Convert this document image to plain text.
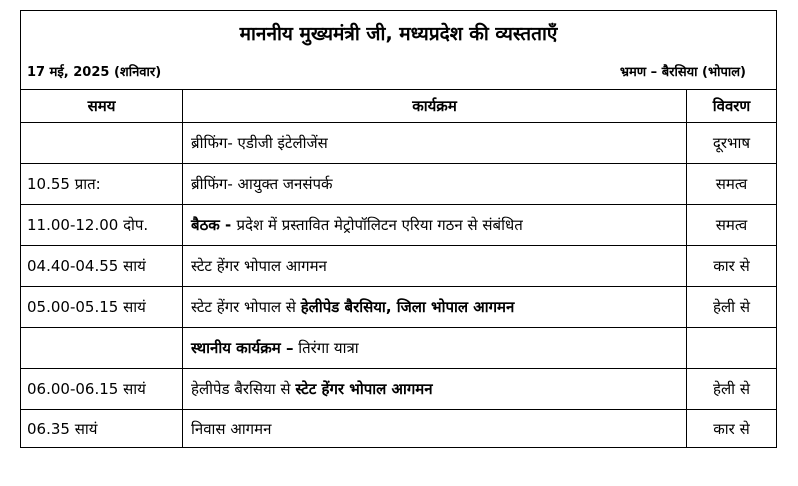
माननीय मुख्यमंत्री जी, मध्यप्रदेश की व्यस्तताएँ		

17 मई, 2025 (शनिवार) भ्रमण – बैरसिया (भोपाल)		

समय	कार्यक्रम	विवरण
	ब्रीफिंग- एडीजी इंटेलीजेंस	दूरभाष
10.55 प्रात:	ब्रीफिंग- आयुक्त जनसंपर्क	समत्व
11.00-12.00 दोप.	बैठक - प्रदेश में प्रस्तावित मेट्रोपॉलिटन एरिया गठन से संबंधित	समत्व
04.40-04.55 सायं	स्टेट हेंगर भोपाल आगमन	कार से
05.00-05.15 सायं	स्टेट हेंगर भोपाल से हेलीपेड बैरसिया, जिला भोपाल आगमन	हेली से
	स्थानीय कार्यक्रम – तिरंगा यात्रा	
06.00-06.15 सायं	हेलीपेड बैरसिया से स्टेट हेंगर भोपाल आगमन	हेली से
06.35 सायं	निवास आगमन	कार से
